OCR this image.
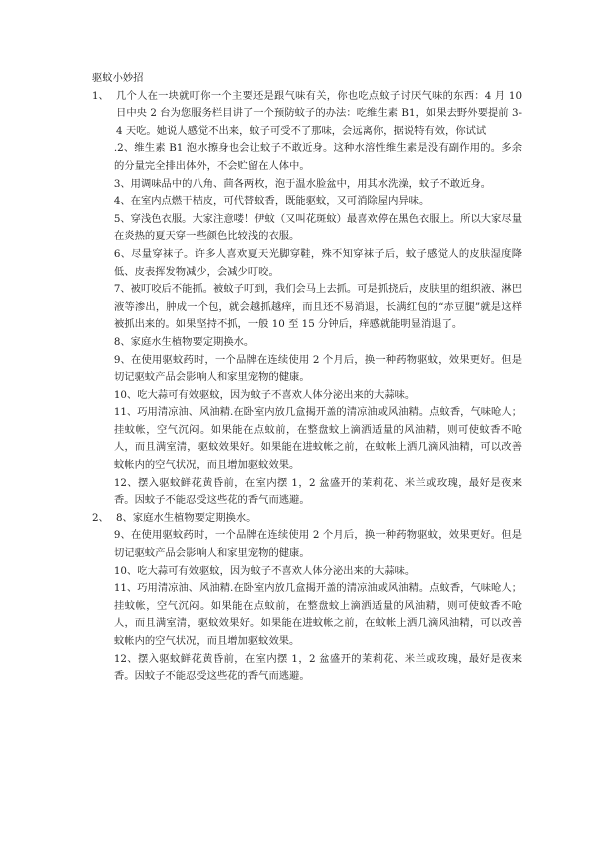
驱蚊小妙招
1、 几个人在一块就叮你一个主要还是跟气味有关，你也吃点蚊子讨厌气味的东西：4 月 10 日中央 2 台为您服务栏目讲了一个预防蚊子的办法：吃维生素 B1，如果去野外要提前 3-4 天吃。她说人感觉不出来，蚊子可受不了那味，会远离你，据说特有效，你试试

.2、维生素 B1 泡水擦身也会让蚊子不敢近身。这种水溶性维生素是没有副作用的。多余的分量完全排出体外，不会贮留在人体中。

3、用调味品中的八角、茴各两枚，泡于温水脸盆中，用其水洗澡，蚊子不敢近身。

4、在室内点燃干桔皮，可代替蚊香，既能驱蚊，又可消除屋内异味。

5、穿浅色衣服。大家注意喽！伊蚊（又叫花斑蚊）最喜欢停在黑色衣服上。所以大家尽量在炎热的夏天穿一些颜色比较浅的衣服。

6、尽量穿袜子。许多人喜欢夏天光脚穿鞋，殊不知穿袜子后，蚊子感觉人的皮肤湿度降低、皮表挥发物减少，会减少叮咬。

7、被叮咬后不能抓。被蚊子叮到，我们会马上去抓。可是抓挠后，皮肤里的组织液、淋巴液等渗出，肿成一个包，就会越抓越痒，而且还不易消退，长满红包的“赤豆腿”就是这样被抓出来的。如果坚持不抓，一般 10 至 15 分钟后，痒感就能明显消退了。

8、家庭水生植物要定期换水。

9、在使用驱蚊药时，一个品牌在连续使用 2 个月后，换一种药物驱蚊，效果更好。但是切记驱蚊产品会影响人和家里宠物的健康。

10、吃大蒜可有效驱蚊，因为蚊子不喜欢人体分泌出来的大蒜味。

11、巧用清凉油、风油精.在卧室内放几盒揭开盖的清凉油或风油精。点蚊香，气味呛人；挂蚊帐，空气沉闷。如果能在点蚊前，在整盘蚊上滴洒适量的风油精，则可使蚊香不呛人，而且满室清，驱蚊效果好。如果能在进蚊帐之前，在蚊帐上洒几滴风油精，可以改善蚊帐内的空气状况，而且增加驱蚊效果。

12、摆入驱蚊鲜花黄昏前，在室内摆 1，2 盆盛开的茉莉花、米兰或玫瑰，最好是夜来香。因蚊子不能忍受这些花的香气而逃避。

2、 8、家庭水生植物要定期换水。

9、在使用驱蚊药时，一个品牌在连续使用 2 个月后，换一种药物驱蚊，效果更好。但是切记驱蚊产品会影响人和家里宠物的健康。

10、吃大蒜可有效驱蚊，因为蚊子不喜欢人体分泌出来的大蒜味。

11、巧用清凉油、风油精.在卧室内放几盒揭开盖的清凉油或风油精。点蚊香，气味呛人；挂蚊帐，空气沉闷。如果能在点蚊前，在整盘蚊上滴洒适量的风油精，则可使蚊香不呛人，而且满室清，驱蚊效果好。如果能在进蚊帐之前，在蚊帐上洒几滴风油精，可以改善蚊帐内的空气状况，而且增加驱蚊效果。

12、摆入驱蚊鲜花黄昏前，在室内摆 1，2 盆盛开的茉莉花、米兰或玫瑰，最好是夜来香。因蚊子不能忍受这些花的香气而逃避。
